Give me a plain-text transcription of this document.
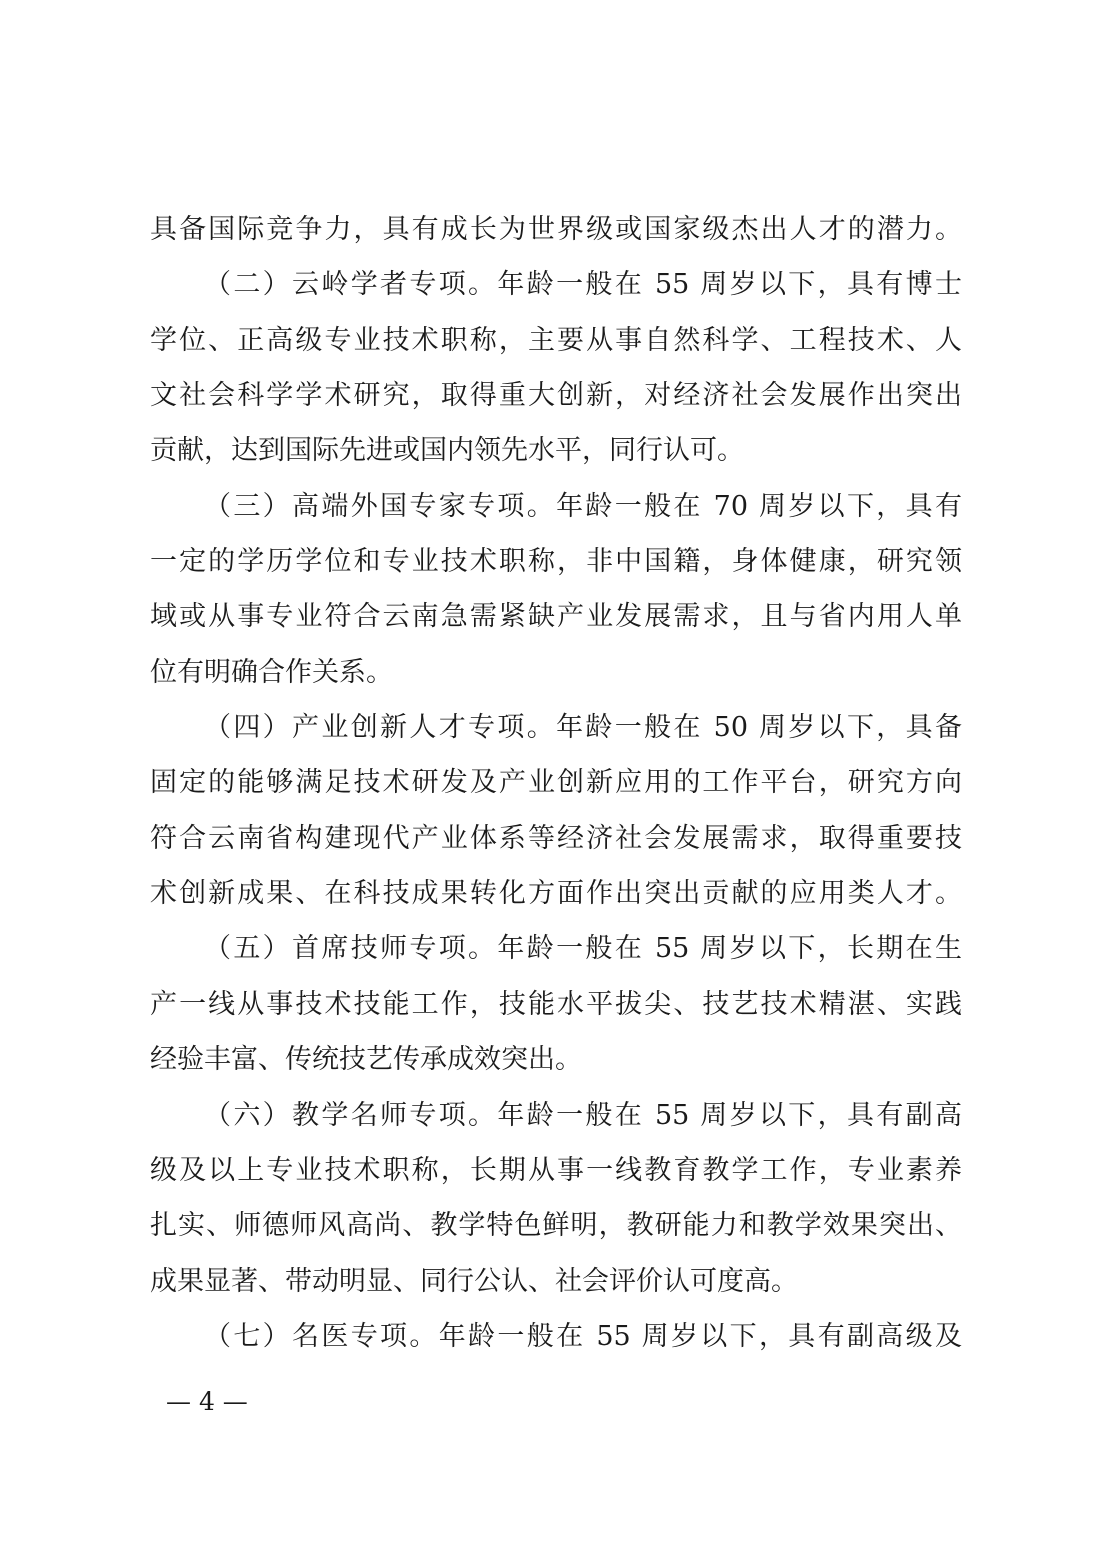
具备国际竞争力，具有成长为世界级或国家级杰出人才的潜力。
（二）云岭学者专项。年龄一般在 55 周岁以下，具有博士
学位、正高级专业技术职称，主要从事自然科学、工程技术、人
文社会科学学术研究，取得重大创新，对经济社会发展作出突出
贡献，达到国际先进或国内领先水平，同行认可。
（三）高端外国专家专项。年龄一般在 70 周岁以下，具有
一定的学历学位和专业技术职称，非中国籍，身体健康，研究领
域或从事专业符合云南急需紧缺产业发展需求，且与省内用人单
位有明确合作关系。
（四）产业创新人才专项。年龄一般在 50 周岁以下，具备
固定的能够满足技术研发及产业创新应用的工作平台，研究方向
符合云南省构建现代产业体系等经济社会发展需求，取得重要技
术创新成果、在科技成果转化方面作出突出贡献的应用类人才。
（五）首席技师专项。年龄一般在 55 周岁以下，长期在生
产一线从事技术技能工作，技能水平拔尖、技艺技术精湛、实践
经验丰富、传统技艺传承成效突出。
（六）教学名师专项。年龄一般在 55 周岁以下，具有副高
级及以上专业技术职称，长期从事一线教育教学工作，专业素养
扎实、师德师风高尚、教学特色鲜明，教研能力和教学效果突出、
成果显著、带动明显、同行公认、社会评价认可度高。
（七）名医专项。年龄一般在 55 周岁以下，具有副高级及
— 4 —
